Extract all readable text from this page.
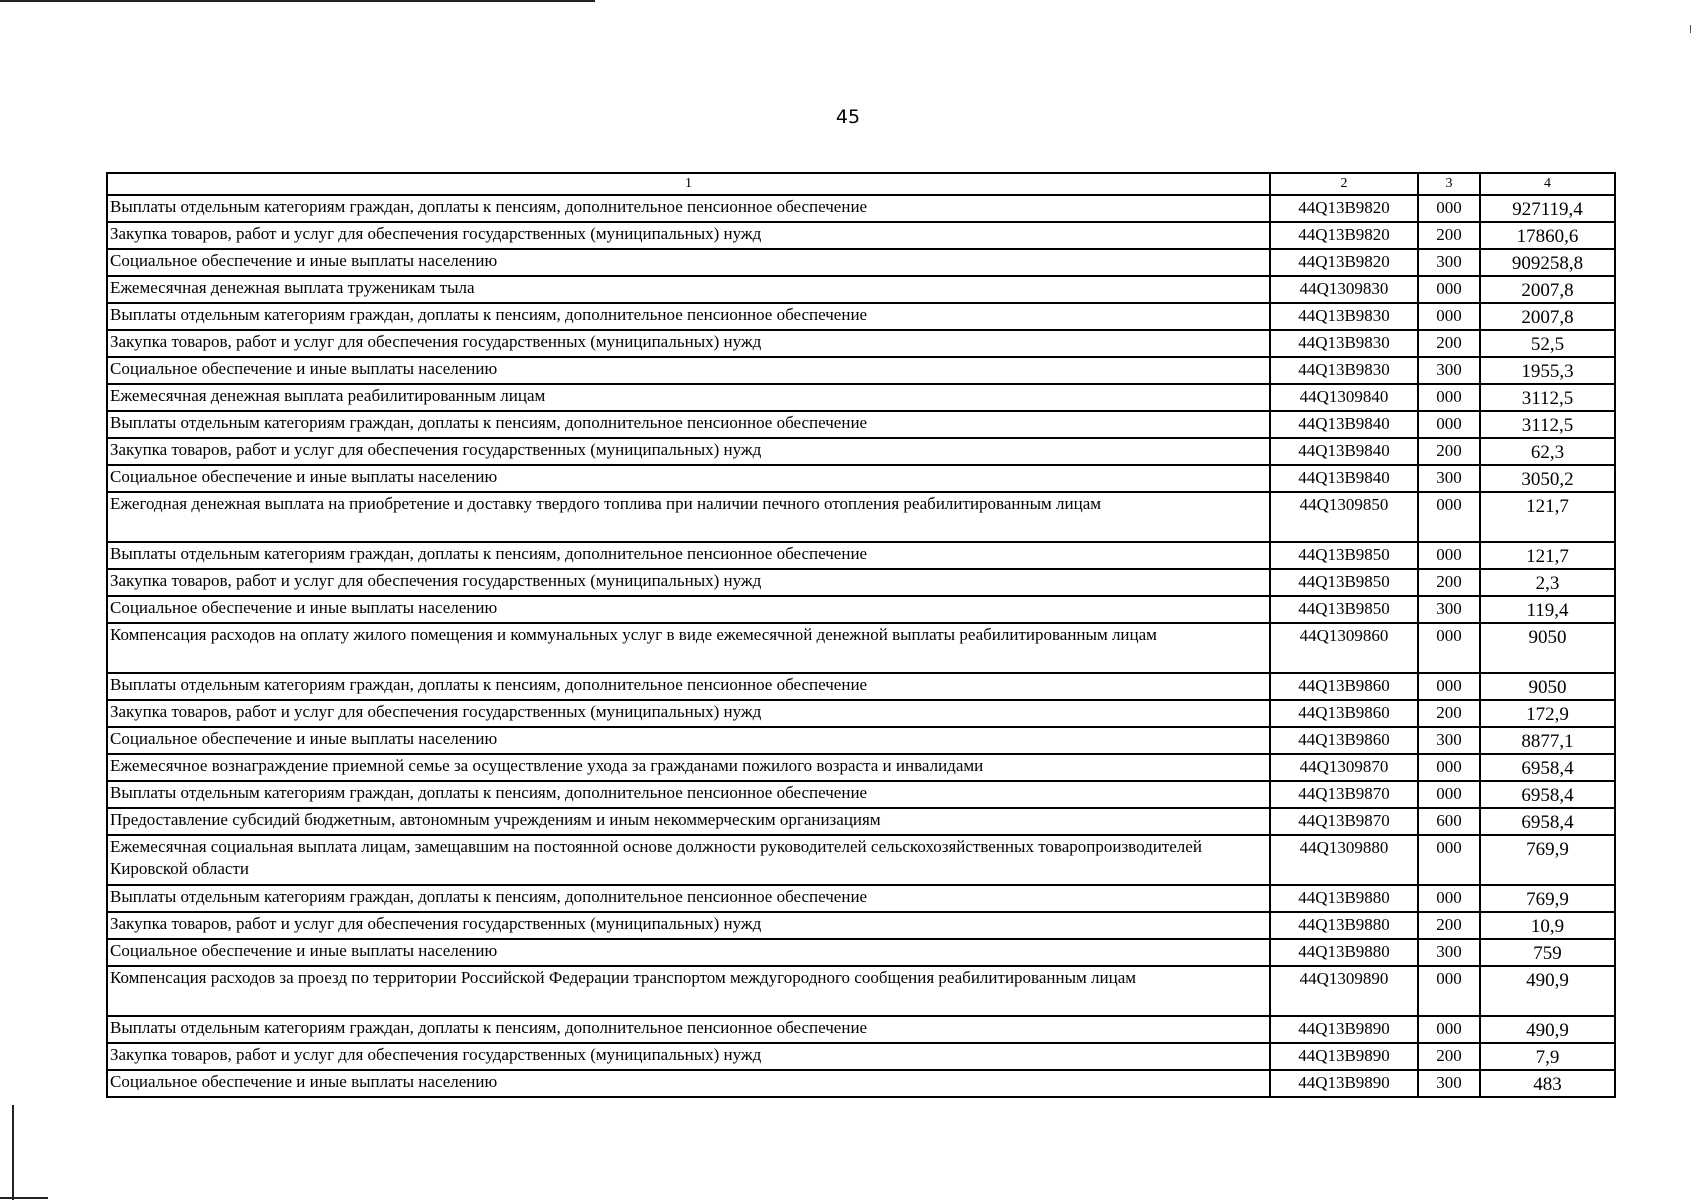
45
1	2	3	4
Выплаты отдельным категориям граждан, доплаты к пенсиям, дополнительное пенсионное обеспечение	44Q13B9820	000	927119,4
Закупка товаров, работ и услуг для обеспечения государственных (муниципальных) нужд	44Q13B9820	200	17860,6
Социальное обеспечение и иные выплаты населению	44Q13B9820	300	909258,8
Ежемесячная денежная выплата труженикам тыла	44Q1309830	000	2007,8
Выплаты отдельным категориям граждан, доплаты к пенсиям, дополнительное пенсионное обеспечение	44Q13B9830	000	2007,8
Закупка товаров, работ и услуг для обеспечения государственных (муниципальных) нужд	44Q13B9830	200	52,5
Социальное обеспечение и иные выплаты населению	44Q13B9830	300	1955,3
Ежемесячная денежная выплата реабилитированным лицам	44Q1309840	000	3112,5
Выплаты отдельным категориям граждан, доплаты к пенсиям, дополнительное пенсионное обеспечение	44Q13B9840	000	3112,5
Закупка товаров, работ и услуг для обеспечения государственных (муниципальных) нужд	44Q13B9840	200	62,3
Социальное обеспечение и иные выплаты населению	44Q13B9840	300	3050,2
Ежегодная денежная выплата на приобретение и доставку твердого топлива при наличии печного отопления реабилитированным лицам	44Q1309850	000	121,7
Выплаты отдельным категориям граждан, доплаты к пенсиям, дополнительное пенсионное обеспечение	44Q13B9850	000	121,7
Закупка товаров, работ и услуг для обеспечения государственных (муниципальных) нужд	44Q13B9850	200	2,3
Социальное обеспечение и иные выплаты населению	44Q13B9850	300	119,4
Компенсация расходов на оплату жилого помещения и коммунальных услуг в виде ежемесячной денежной выплаты реабилитированным лицам	44Q1309860	000	9050
Выплаты отдельным категориям граждан, доплаты к пенсиям, дополнительное пенсионное обеспечение	44Q13B9860	000	9050
Закупка товаров, работ и услуг для обеспечения государственных (муниципальных) нужд	44Q13B9860	200	172,9
Социальное обеспечение и иные выплаты населению	44Q13B9860	300	8877,1
Ежемесячное вознаграждение приемной семье за осуществление ухода за гражданами пожилого возраста и инвалидами	44Q1309870	000	6958,4
Выплаты отдельным категориям граждан, доплаты к пенсиям, дополнительное пенсионное обеспечение	44Q13B9870	000	6958,4
Предоставление субсидий бюджетным, автономным учреждениям и иным некоммерческим организациям	44Q13B9870	600	6958,4
Ежемесячная социальная выплата лицам, замещавшим на постоянной основе должности руководителей сельскохозяйственных товаропроизводителей Кировской области	44Q1309880	000	769,9
Выплаты отдельным категориям граждан, доплаты к пенсиям, дополнительное пенсионное обеспечение	44Q13B9880	000	769,9
Закупка товаров, работ и услуг для обеспечения государственных (муниципальных) нужд	44Q13B9880	200	10,9
Социальное обеспечение и иные выплаты населению	44Q13B9880	300	759
Компенсация расходов за проезд по территории Российской Федерации транспортом междугородного сообщения реабилитированным лицам	44Q1309890	000	490,9
Выплаты отдельным категориям граждан, доплаты к пенсиям, дополнительное пенсионное обеспечение	44Q13B9890	000	490,9
Закупка товаров, работ и услуг для обеспечения государственных (муниципальных) нужд	44Q13B9890	200	7,9
Социальное обеспечение и иные выплаты населению	44Q13B9890	300	483
